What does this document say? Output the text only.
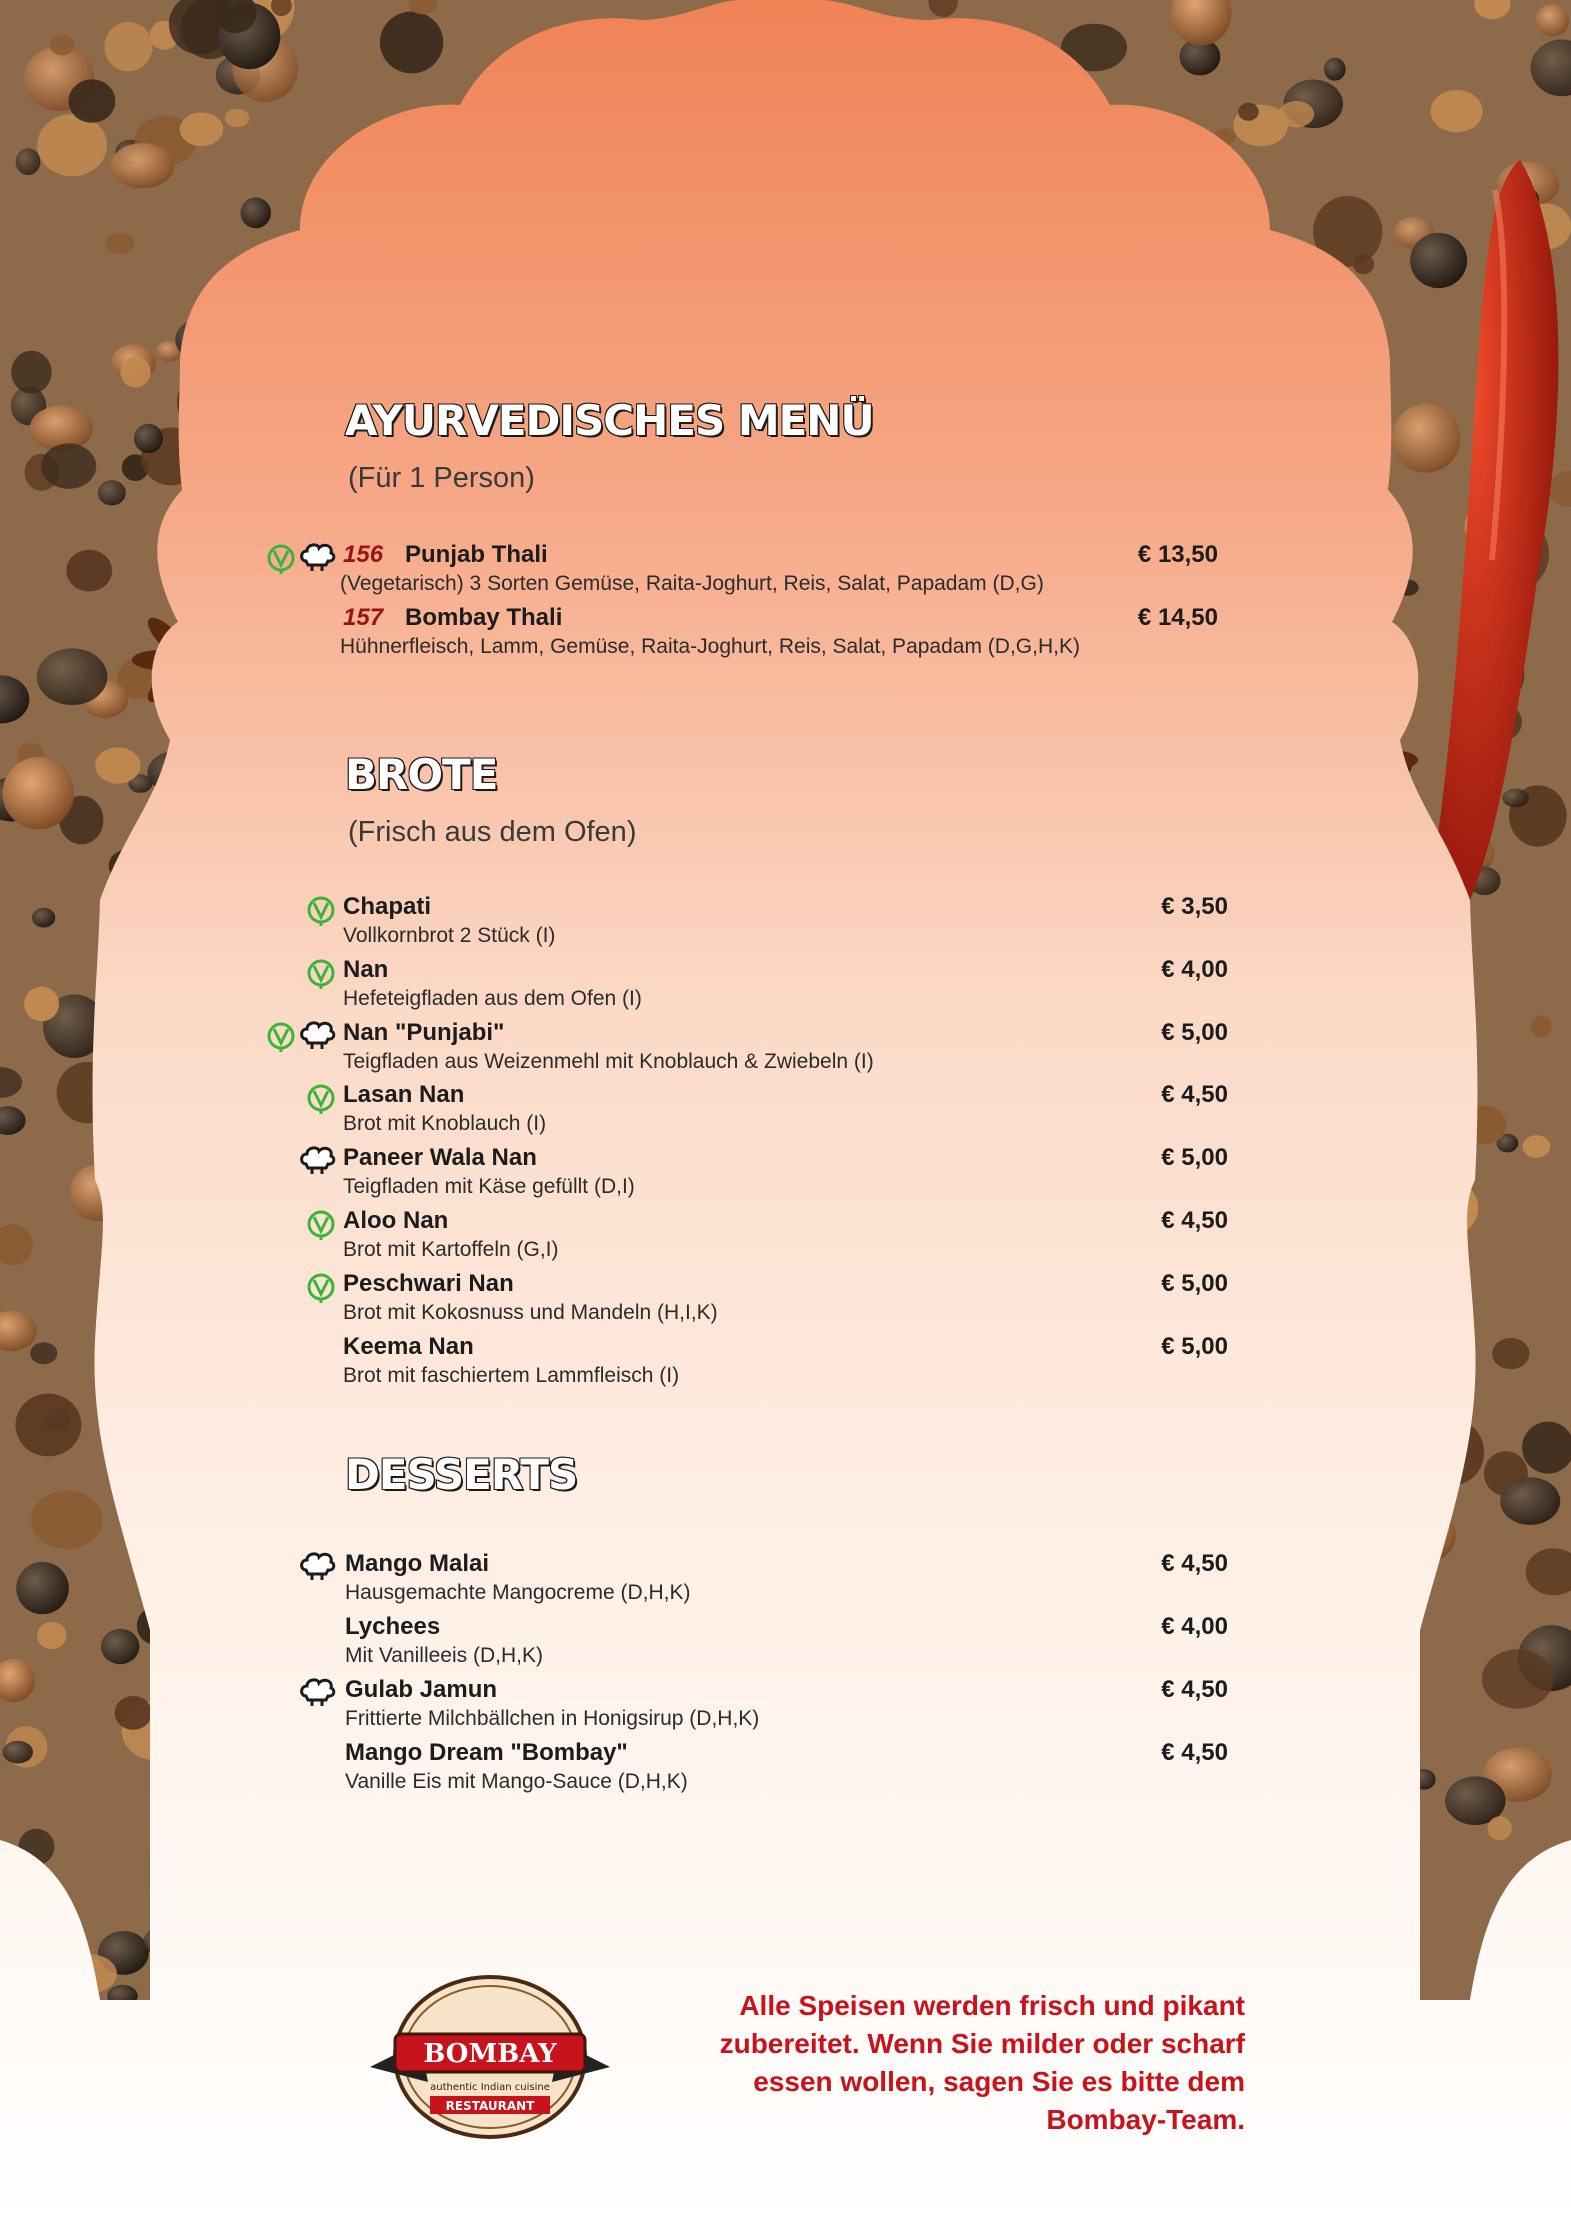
AYURVEDISCHES MENÜ

(Für 1 Person)

156 Punjab Thali
(Vegetarisch) 3 Sorten Gemüse, Raita-Joghurt, Reis, Salat, Papadam (D,G)
€ 13,50
157 Bombay Thali
Hühnerfleisch, Lamm, Gemüse, Raita-Joghurt, Reis, Salat, Papadam (D,G,H,K)
€ 14,50
BROTE

(Frisch aus dem Ofen)

Chapati
Vollkornbrot 2 Stück (I)
€ 3,50
Nan
Hefeteigfladen aus dem Ofen (I)
€ 4,00
Nan "Punjabi"
Teigfladen aus Weizenmehl mit Knoblauch & Zwiebeln (I)
€ 5,00
Lasan Nan
Brot mit Knoblauch (I)
€ 4,50
Paneer Wala Nan
Teigfladen mit Käse gefüllt (D,I)
€ 5,00
Aloo Nan
Brot mit Kartoffeln (G,I)
€ 4,50
Peschwari Nan
Brot mit Kokosnuss und Mandeln (H,I,K)
€ 5,00
Keema Nan
Brot mit faschiertem Lammfleisch (I)
€ 5,00
DESSERTS
Mango Malai
Hausgemachte Mangocreme (D,H,K)
€ 4,50
Lychees
Mit Vanilleeis (D,H,K)
€ 4,00
Gulab Jamun
Frittierte Milchbällchen in Honigsirup (D,H,K)
€ 4,50
Mango Dream "Bombay"
Vanille Eis mit Mango-Sauce (D,H,K)
€ 4,50
BOMBAY
authentic Indian cuisine
RESTAURANT
Alle Speisen werden frisch und pikant
zubereitet. Wenn Sie milder oder scharf
essen wollen, sagen Sie es bitte dem
Bombay-Team.
